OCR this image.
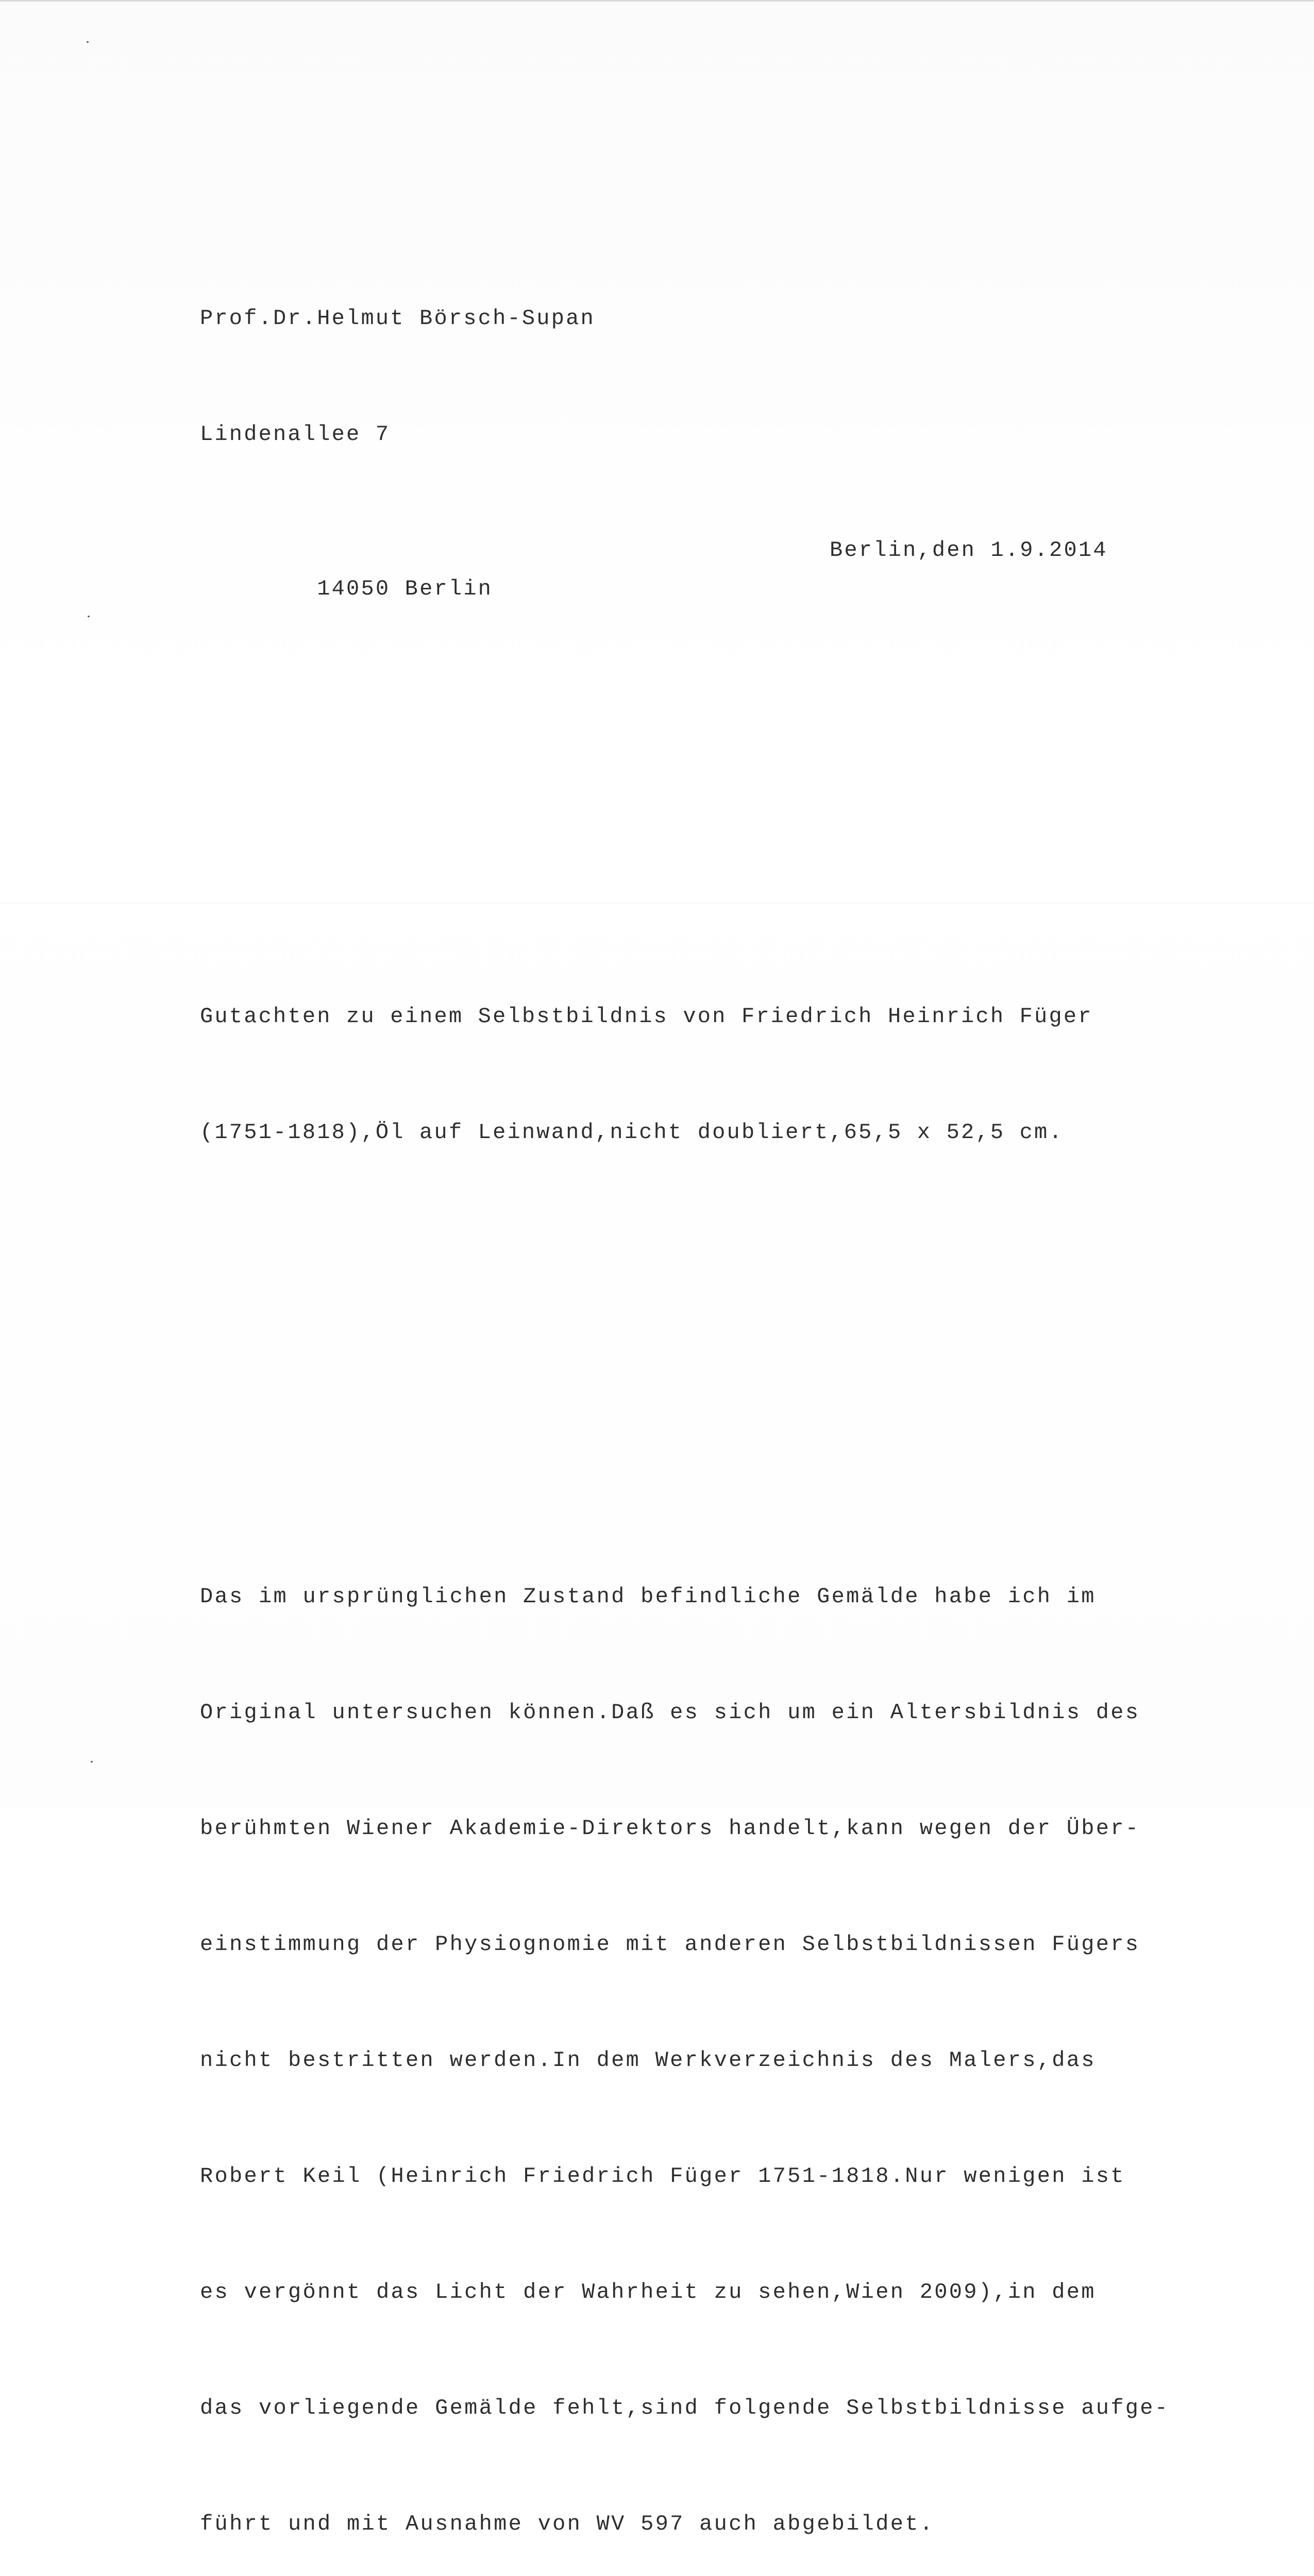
Prof.Dr.Helmut Börsch-Supan

Lindenallee 7

14050 Berlin

Berlin,den 1.9.2014

Gutachten zu einem Selbstbildnis von Friedrich Heinrich Füger

(1751-1818),Öl auf Leinwand,nicht doubliert,65,5 x 52,5 cm.

Das im ursprünglichen Zustand befindliche Gemälde habe ich im

Original untersuchen können.Daß es sich um ein Altersbildnis des

berühmten Wiener Akademie-Direktors handelt,kann wegen der Über-

einstimmung der Physiognomie mit anderen Selbstbildnissen Fügers

nicht bestritten werden.In dem Werkverzeichnis des Malers,das

Robert Keil (Heinrich Friedrich Füger 1751-1818.Nur wenigen ist

es vergönnt das Licht der Wahrheit zu sehen,Wien 2009),in dem

das vorliegende Gemälde fehlt,sind folgende Selbstbildnisse aufge-

führt und mit Ausnahme von WV 597 auch abgebildet.
